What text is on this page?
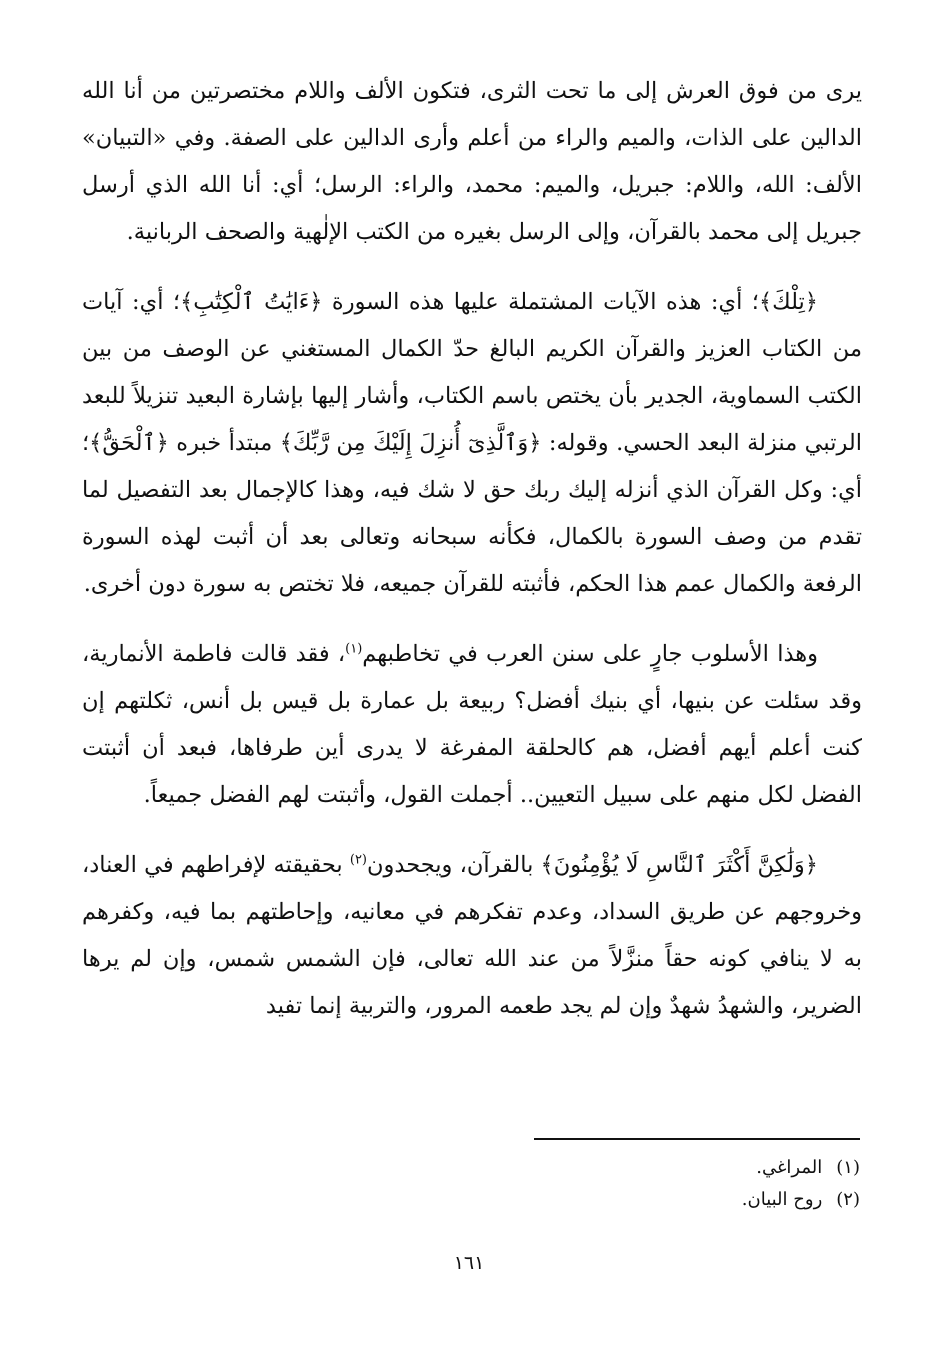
يرى من فوق العرش إلى ما تحت الثرى، فتكون الألف واللام مختصرتين من أنا الله الدالين على الذات، والميم والراء من أعلم وأرى الدالين على الصفة. وفي «التبيان» الألف: الله، واللام: جبريل، والميم: محمد، والراء: الرسل؛ أي: أنا الله الذي أرسل جبريل إلى محمد بالقرآن، وإلى الرسل بغيره من الكتب الإلٰهية والصحف الربانية.

﴿تِلْكَ﴾؛ أي: هذه الآيات المشتملة عليها هذه السورة ﴿ءَايَٰتُ ٱلْكِتَٰبِ﴾؛ أي: آيات من الكتاب العزيز والقرآن الكريم البالغ حدّ الكمال المستغني عن الوصف من بين الكتب السماوية، الجدير بأن يختص باسم الكتاب، وأشار إليها بإشارة البعيد تنزيلاً للبعد الرتبي منزلة البعد الحسي. وقوله: ﴿وَٱلَّذِىٓ أُنزِلَ إِلَيْكَ مِن رَّبِّكَ﴾ مبتدأ خبره ﴿ٱلْحَقُّ﴾؛ أي: وكل القرآن الذي أنزله إليك ربك حق لا شك فيه، وهذا كالإجمال بعد التفصيل لما تقدم من وصف السورة بالكمال، فكأنه سبحانه وتعالى بعد أن أثبت لهذه السورة الرفعة والكمال عمم هذا الحكم، فأثبته للقرآن جميعه، فلا تختص به سورة دون أخرى.

وهذا الأسلوب جارٍ على سنن العرب في تخاطبهم$^{(١)}$، فقد قالت فاطمة الأنمارية، وقد سئلت عن بنيها، أي بنيك أفضل؟ ربيعة بل عمارة بل قيس بل أنس، ثكلتهم إن كنت أعلم أيهم أفضل، هم كالحلقة المفرغة لا يدرى أين طرفاها، فبعد أن أثبتت الفضل لكل منهم على سبيل التعيين.. أجملت القول، وأثبتت لهم الفضل جميعاً.

﴿وَلَٰكِنَّ أَكْثَرَ ٱلنَّاسِ لَا يُؤْمِنُونَ﴾ بالقرآن، ويجحدون$^{(٢)}$ بحقيقته لإفراطهم في العناد، وخروجهم عن طريق السداد، وعدم تفكرهم في معانيه، وإحاطتهم بما فيه، وكفرهم به لا ينافي كونه حقاً منزَّلاً من عند الله تعالى، فإن الشمس شمس، وإن لم يرها الضرير، والشهدُ شهدٌ وإن لم يجد طعمه المرور، والتربية إنما تفيد

(١)المراغي.
(٢)روح البيان.
١٦١
